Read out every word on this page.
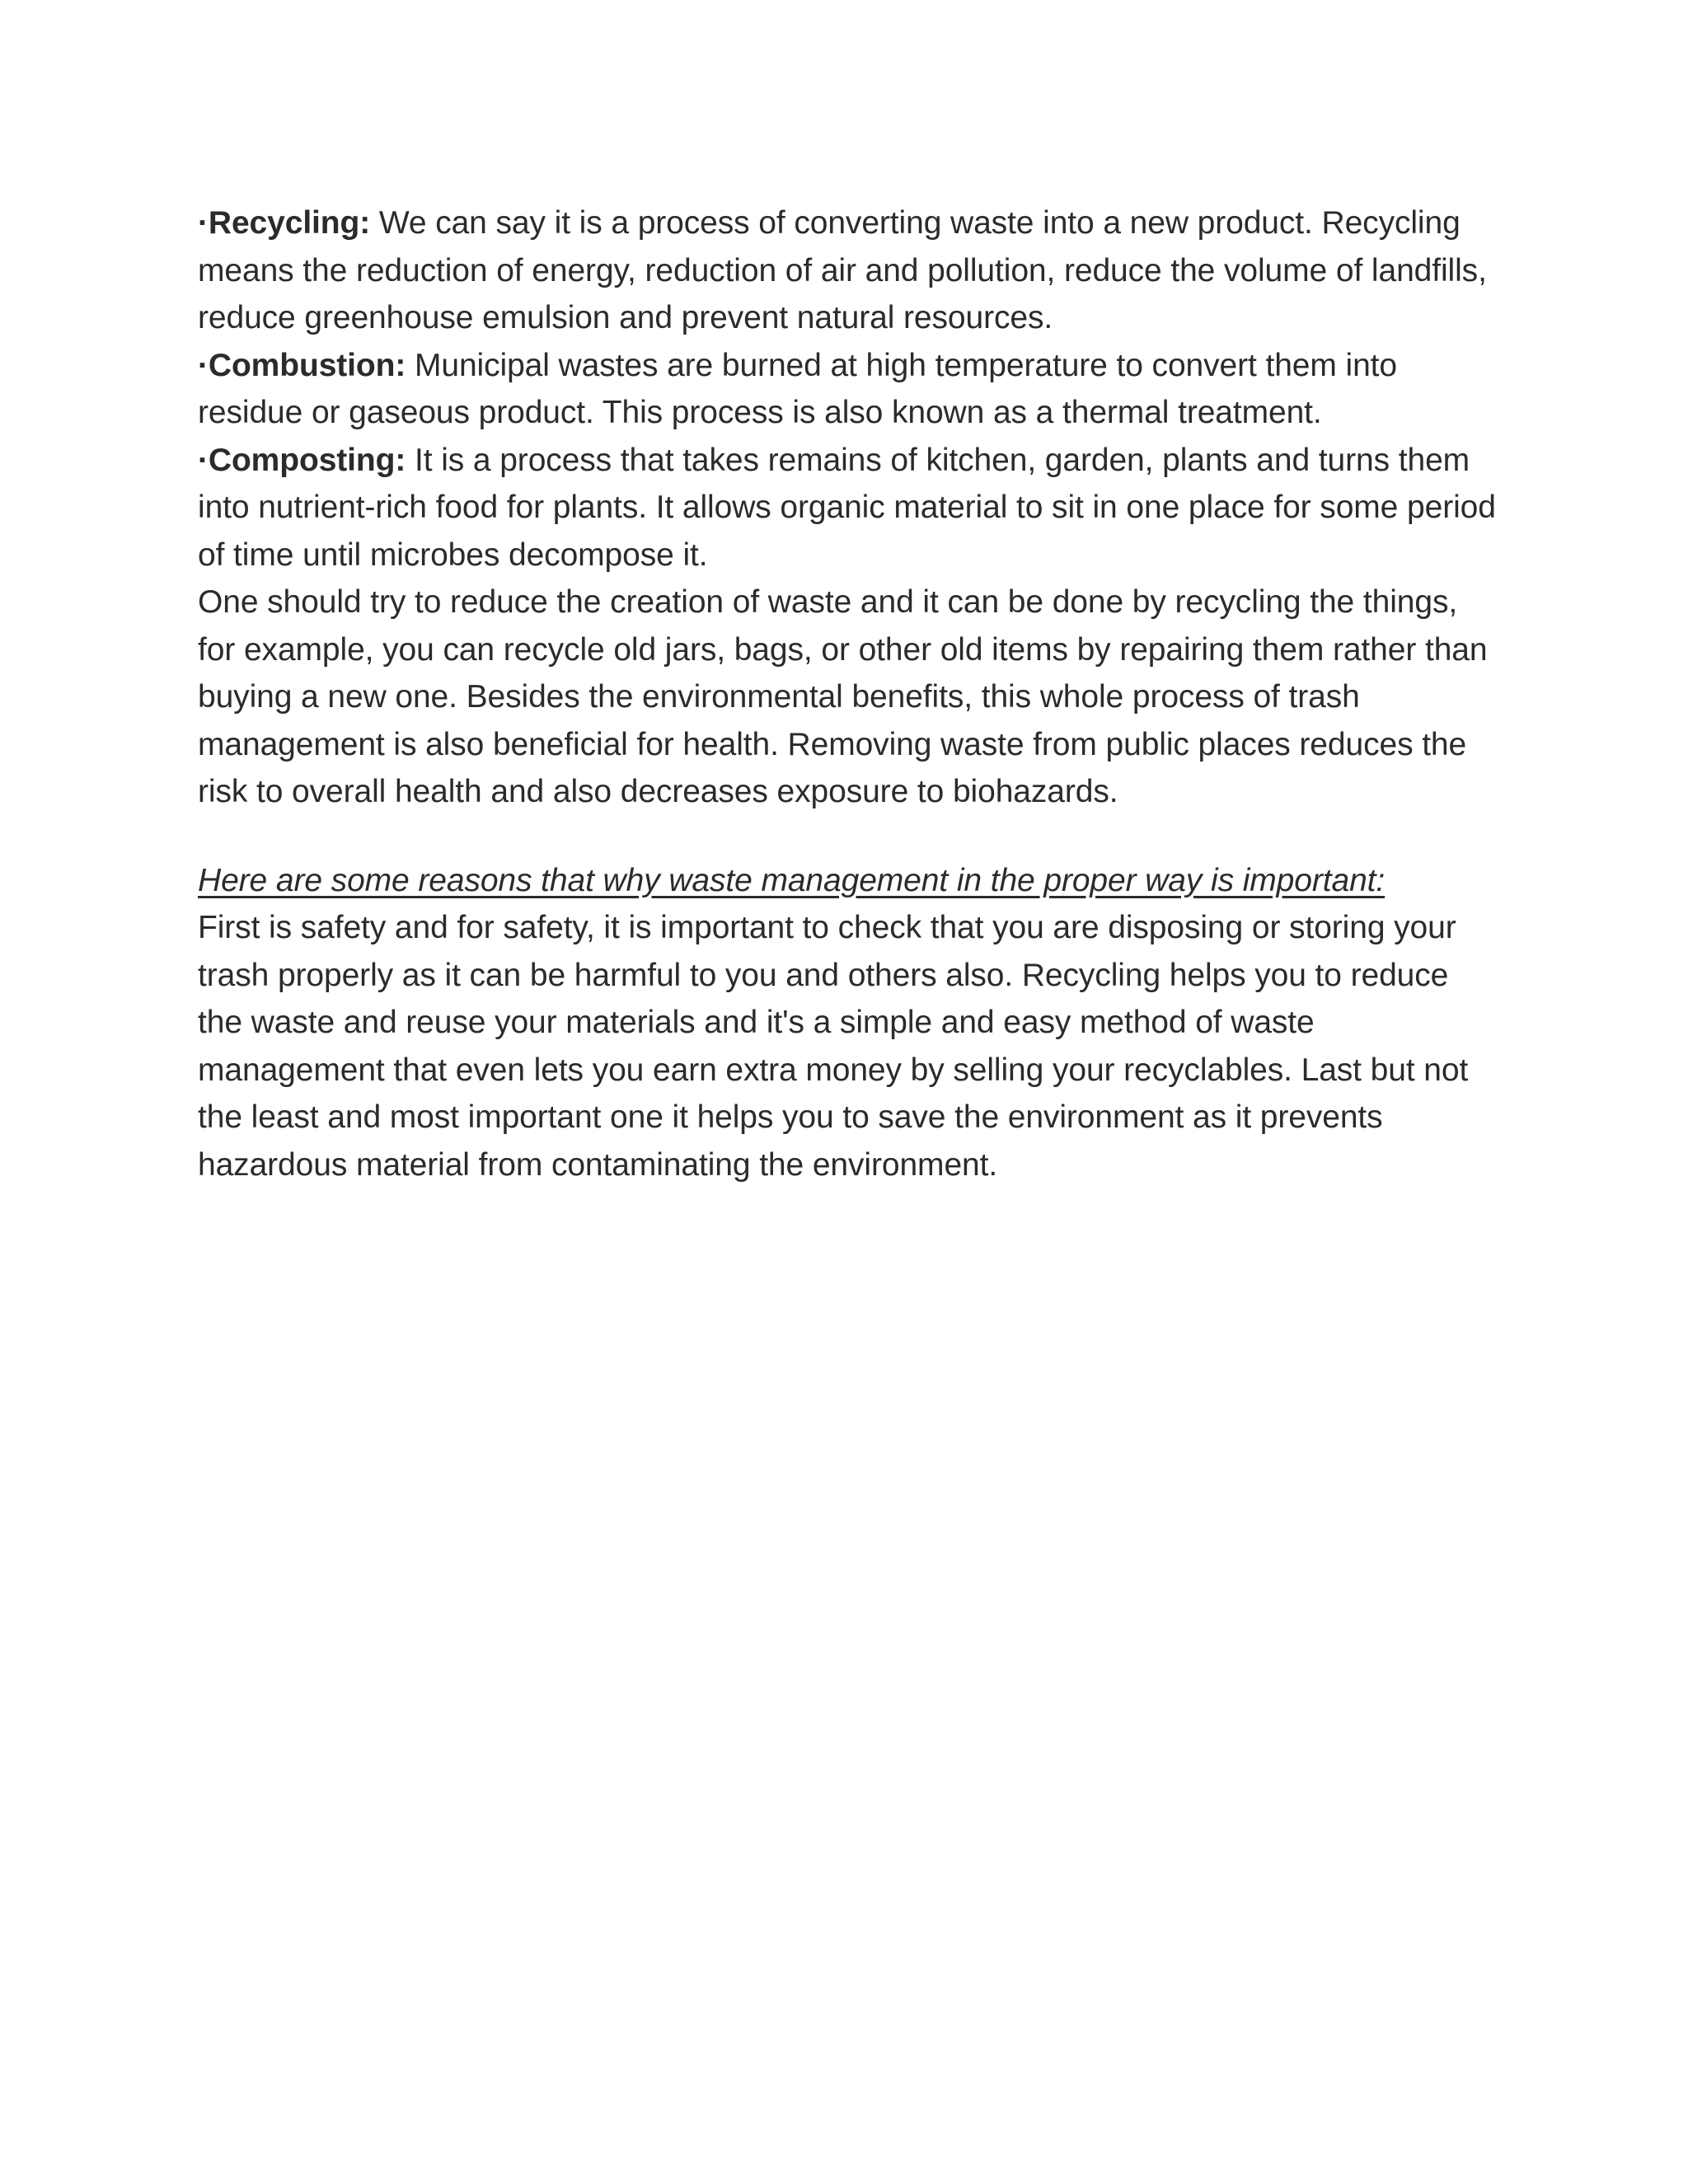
·Recycling: We can say it is a process of converting waste into a new product. Recycling means the reduction of energy, reduction of air and pollution, reduce the volume of landfills, reduce greenhouse emulsion and prevent natural resources.

·Combustion: Municipal wastes are burned at high temperature to convert them into residue or gaseous product. This process is also known as a thermal treatment.

·Composting: It is a process that takes remains of kitchen, garden, plants and turns them into nutrient-rich food for plants. It allows organic material to sit in one place for some period of time until microbes decompose it.

One should try to reduce the creation of waste and it can be done by recycling the things, for example, you can recycle old jars, bags, or other old items by repairing them rather than buying a new one. Besides the environmental benefits, this whole process of trash management is also beneficial for health. Removing waste from public places reduces the risk to overall health and also decreases exposure to biohazards.

Here are some reasons that why waste management in the proper way is important:

First is safety and for safety, it is important to check that you are disposing or storing your trash properly as it can be harmful to you and others also. Recycling helps you to reduce the waste and reuse your materials and it's a simple and easy method of waste management that even lets you earn extra money by selling your recyclables. Last but not the least and most important one it helps you to save the environment as it prevents hazardous material from contaminating the environment.
